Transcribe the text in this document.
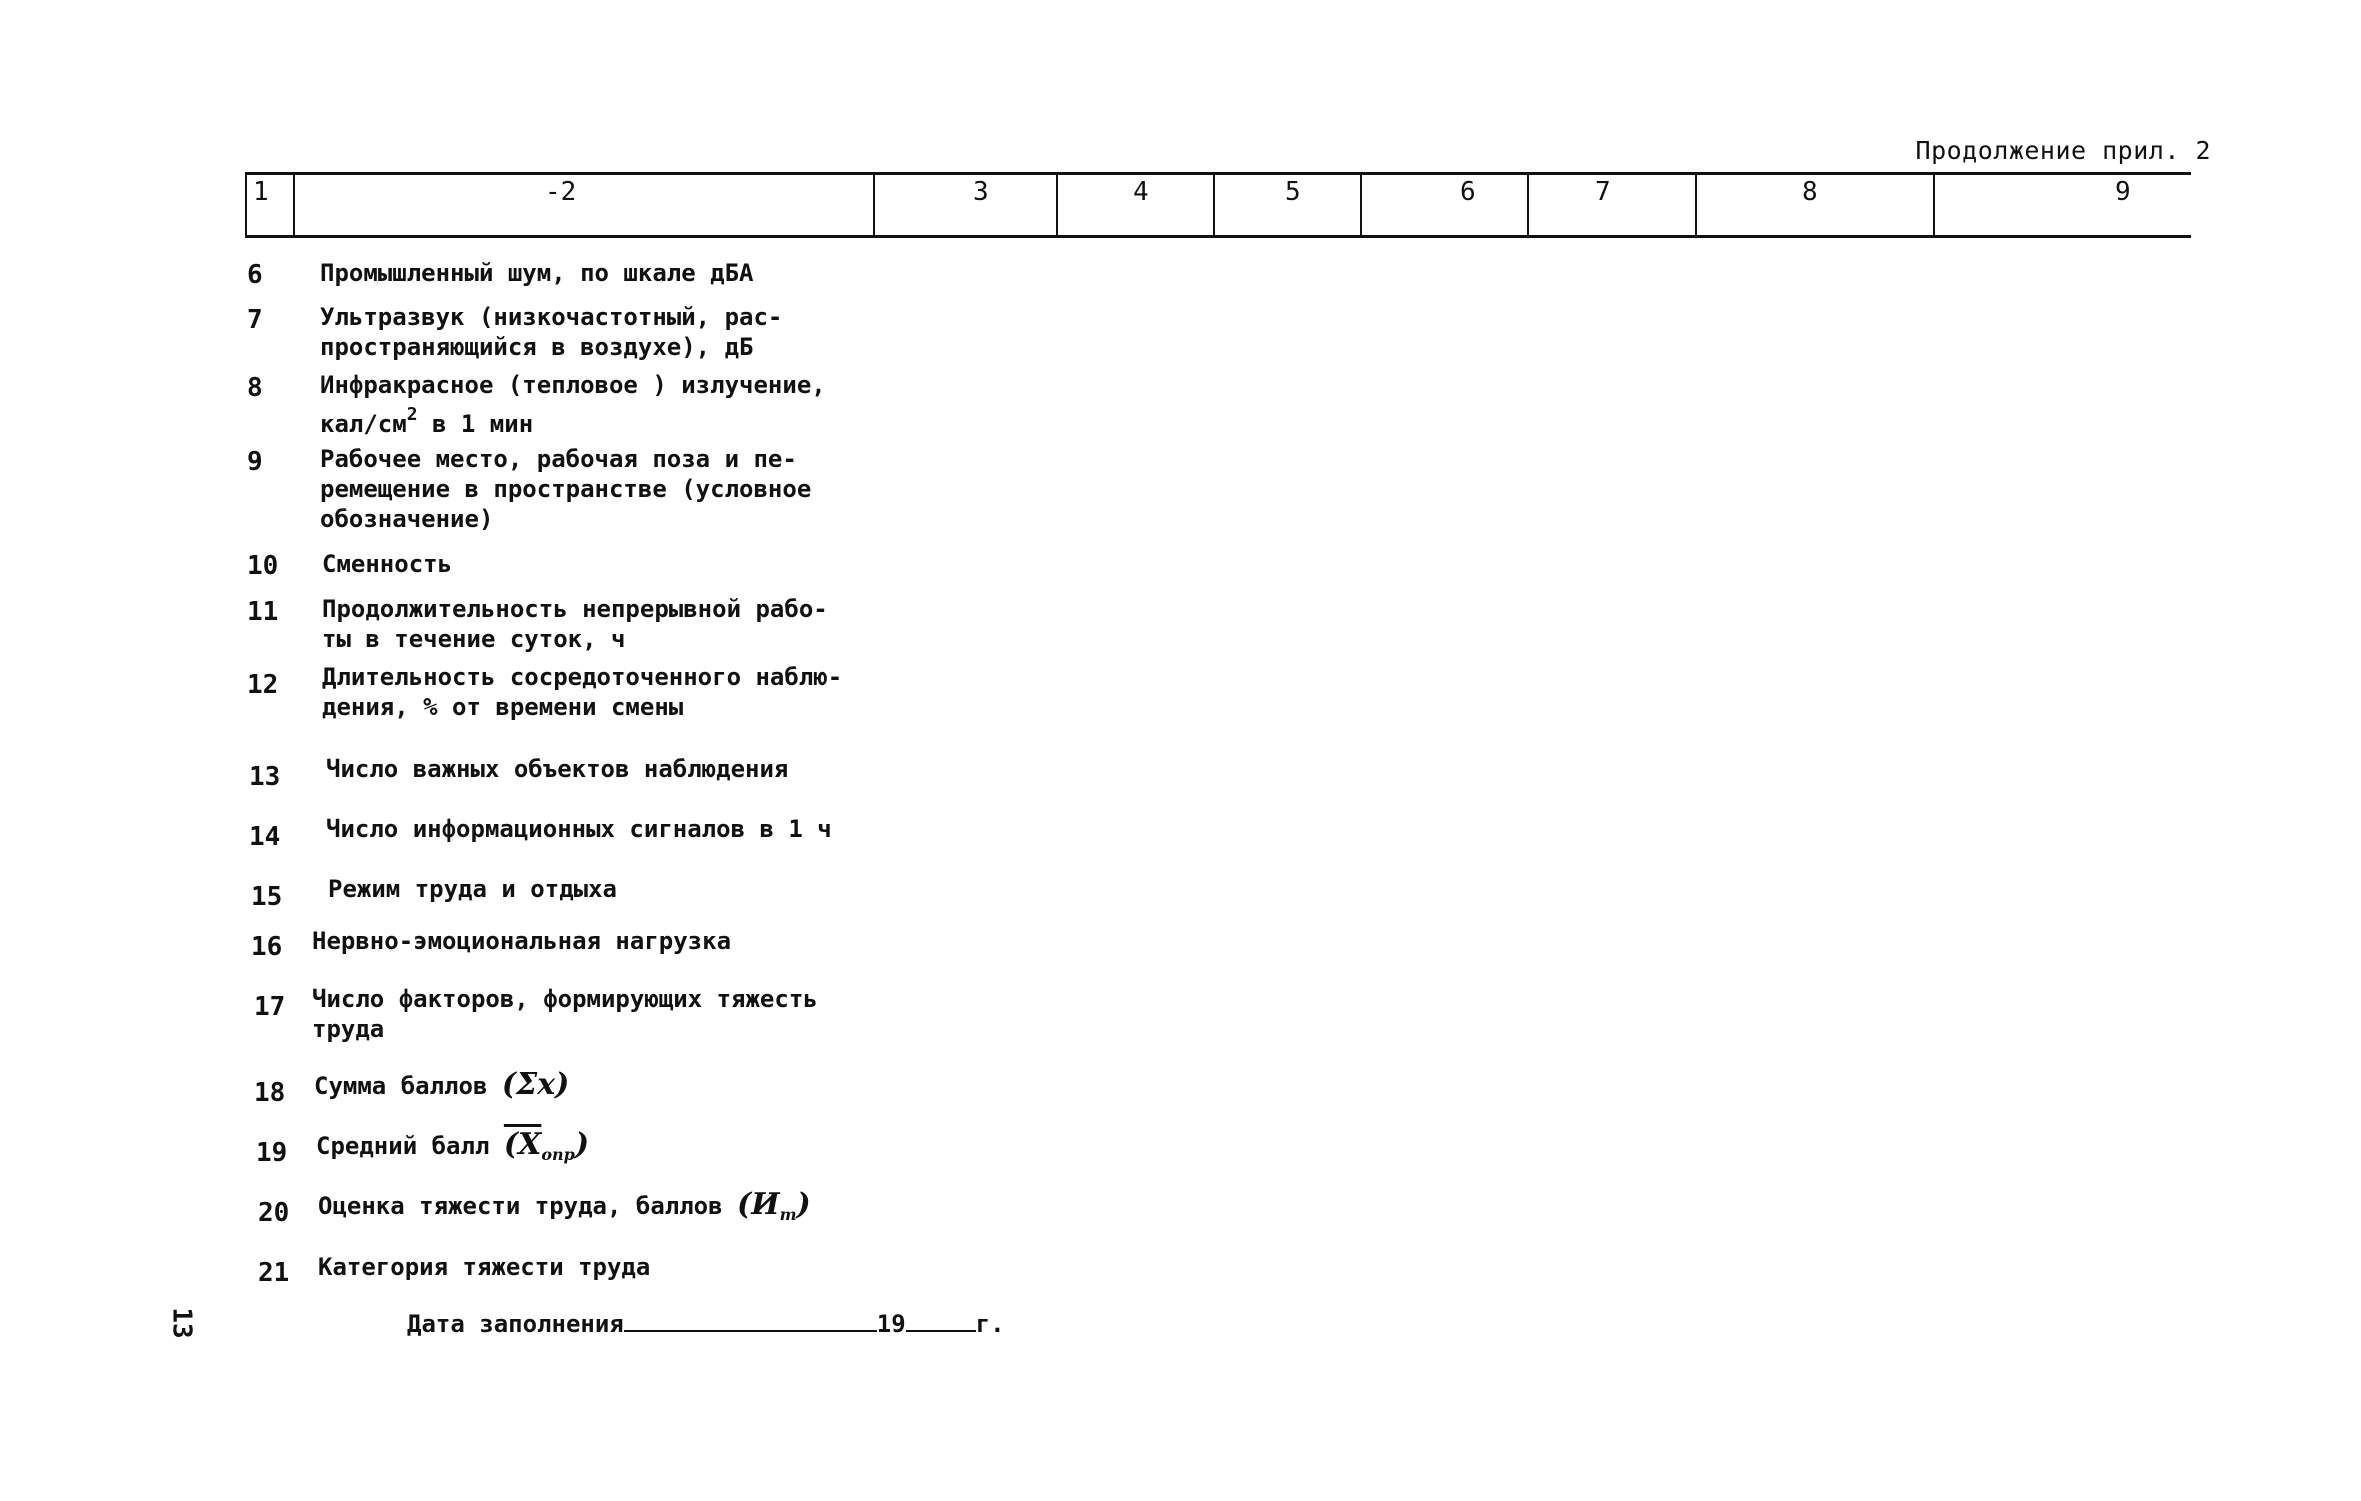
Продолжение прил. 2
1	-2	3	4	5	6	7	8	9
6 Промышленный шум, по шкале дБА
7 Ультразвук (низкочастотный, рас-
пространяющийся в воздухе), дБ
8 Инфракрасное (тепловое ) излучение,
кал/$см^2$ в 1 мин
9 Рабочее место, рабочая поза и пе-
ремещение в пространстве (условное
обозначение)
10 Сменность
11 Продолжительность непрерывной рабо-
ты в течение суток, ч
12 Длительность сосредоточенного наблю-
дения, % от времени смены
13 Число важных объектов наблюдения
14 Число информационных сигналов в 1 ч
15 Режим труда и отдыха
16 Нервно-эмоциональная нагрузка
17 Число факторов, формирующих тяжесть
труда
18 Сумма баллов (Σx)
19 Средний балл $(X_{опр})$
20 Оценка тяжести труда, баллов $(И_т)$
21 Категория тяжести труда
13	Дата заполнения	19	г.
